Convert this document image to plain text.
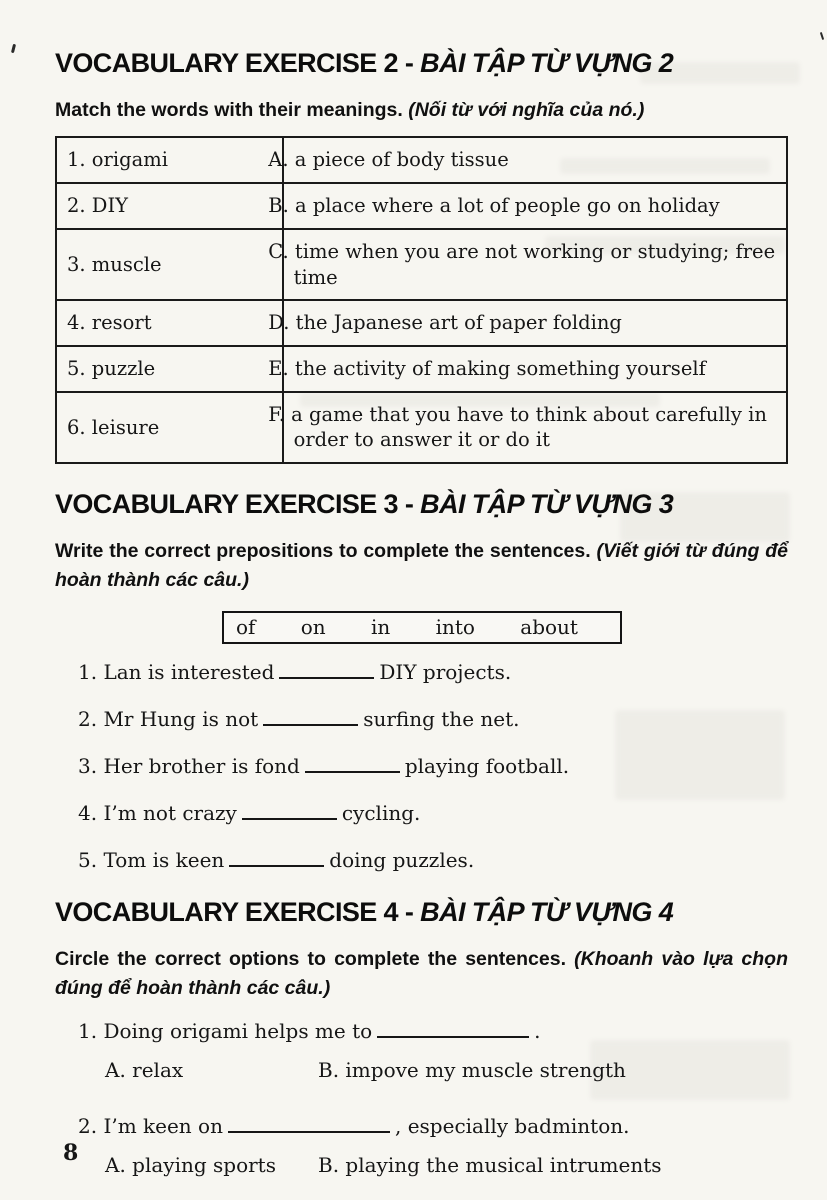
VOCABULARY EXERCISE 2 - BÀI TẬP TỪ VỰNG 2

Match the words with their meanings. (Nối từ với nghĩa của nó.)

1. origami	A. a piece of body tissue
2. DIY	B. a place where a lot of people go on holiday
3. muscle	C. time when you are not working or studying; free time
4. resort	D. the Japanese art of paper folding
5. puzzle	E. the activity of making something yourself
6. leisure	F. a game that you have to think about carefully in order to answer it or do it
VOCABULARY EXERCISE 3 - BÀI TẬP TỪ VỰNG 3

Write the correct prepositions to complete the sentences. (Viết giới từ đúng để hoàn thành các câu.)

of on in into about
1. Lan is interested	DIY projects.
2. Mr Hung is not	surfing the net.
3. Her brother is fond	playing football.
4. I’m not crazy	cycling.
5. Tom is keen	doing puzzles.
VOCABULARY EXERCISE 4 - BÀI TẬP TỪ VỰNG 4

Circle the correct options to complete the sentences. (Khoanh vào lựa chọn đúng để hoàn thành các câu.)

1. Doing origami helps me to	.
A. relax	B. impove my muscle strength
2. I’m keen on	, especially badminton.
A. playing sports	B. playing the musical intruments
8
